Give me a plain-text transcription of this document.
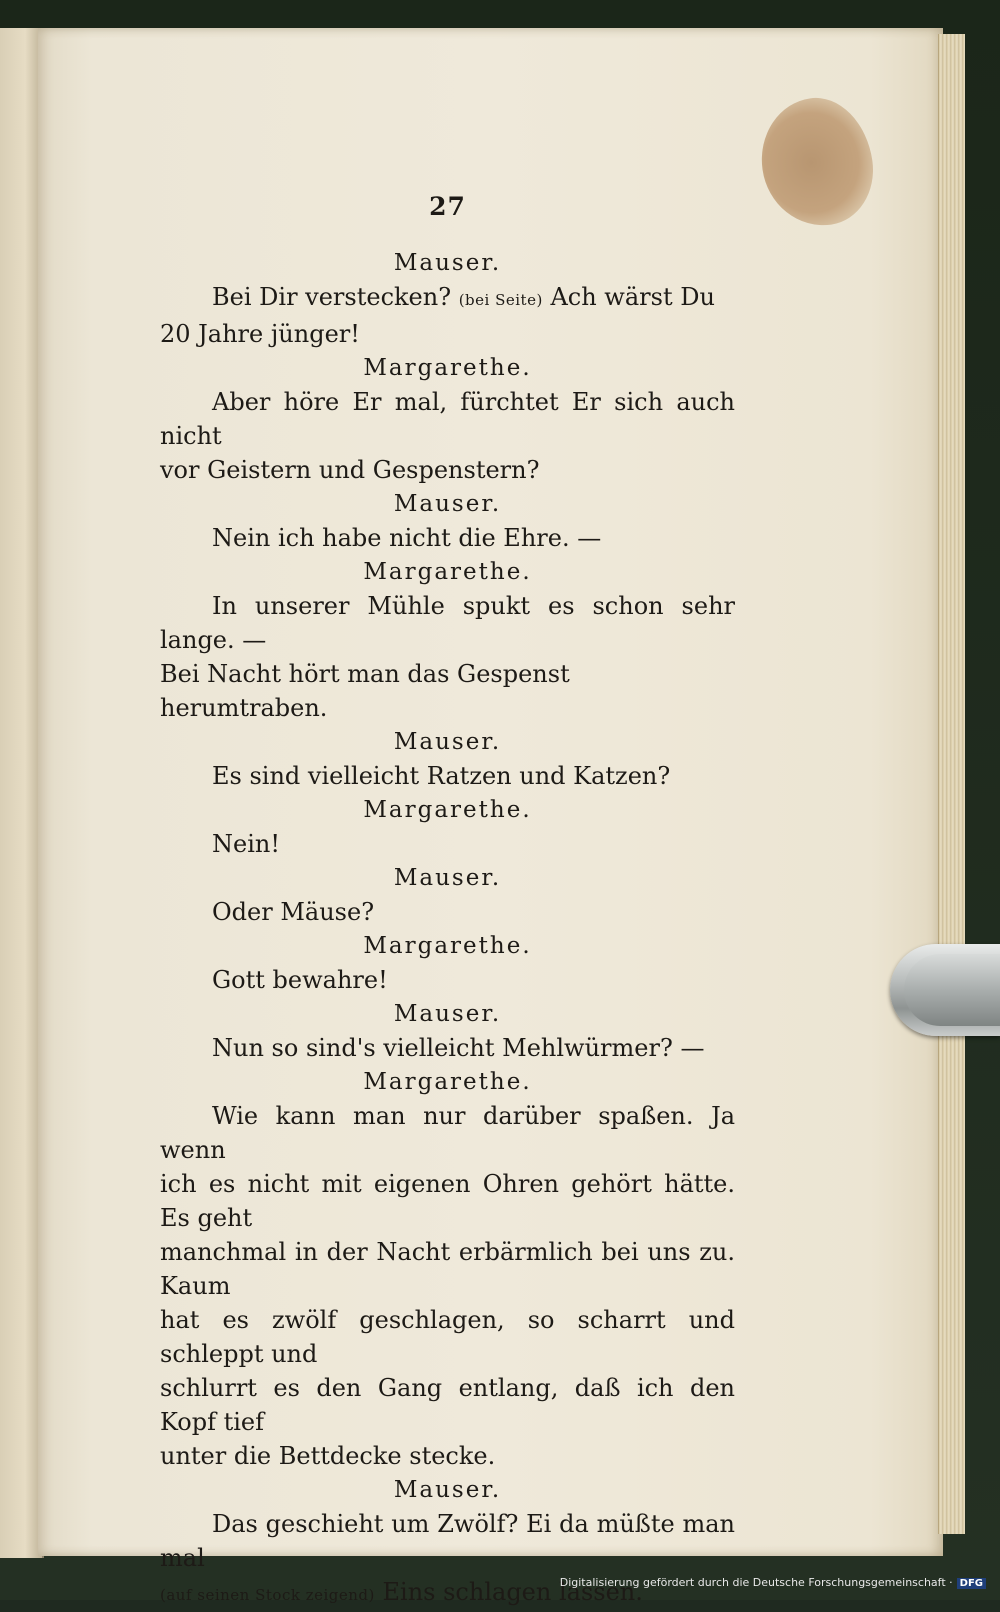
27
Mauser.
Bei Dir verstecken? (bei Seite) Ach wärst Du
20 Jahre jünger!
Margarethe.
Aber höre Er mal, fürchtet Er sich auch nicht
vor Geistern und Gespenstern?
Mauser.
Nein ich habe nicht die Ehre. —
Margarethe.
In unserer Mühle spukt es schon sehr lange. —
Bei Nacht hört man das Gespenst herumtraben.
Mauser.
Es sind vielleicht Ratzen und Katzen?
Margarethe.
Nein!
Mauser.
Oder Mäuse?
Margarethe.
Gott bewahre!
Mauser.
Nun so sind's vielleicht Mehlwürmer? —
Margarethe.
Wie kann man nur darüber spaßen. Ja wenn
ich es nicht mit eigenen Ohren gehört hätte. Es geht
manchmal in der Nacht erbärmlich bei uns zu. Kaum
hat es zwölf geschlagen, so scharrt und schleppt und
schlurrt es den Gang entlang, daß ich den Kopf tief
unter die Bettdecke stecke.
Mauser.
Das geschieht um Zwölf? Ei da müßte man mal
(auf seinen Stock zeigend) Eins schlagen lassen.
Digitalisierung gefördert durch die Deutsche Forschungsgemeinschaft · DFG
